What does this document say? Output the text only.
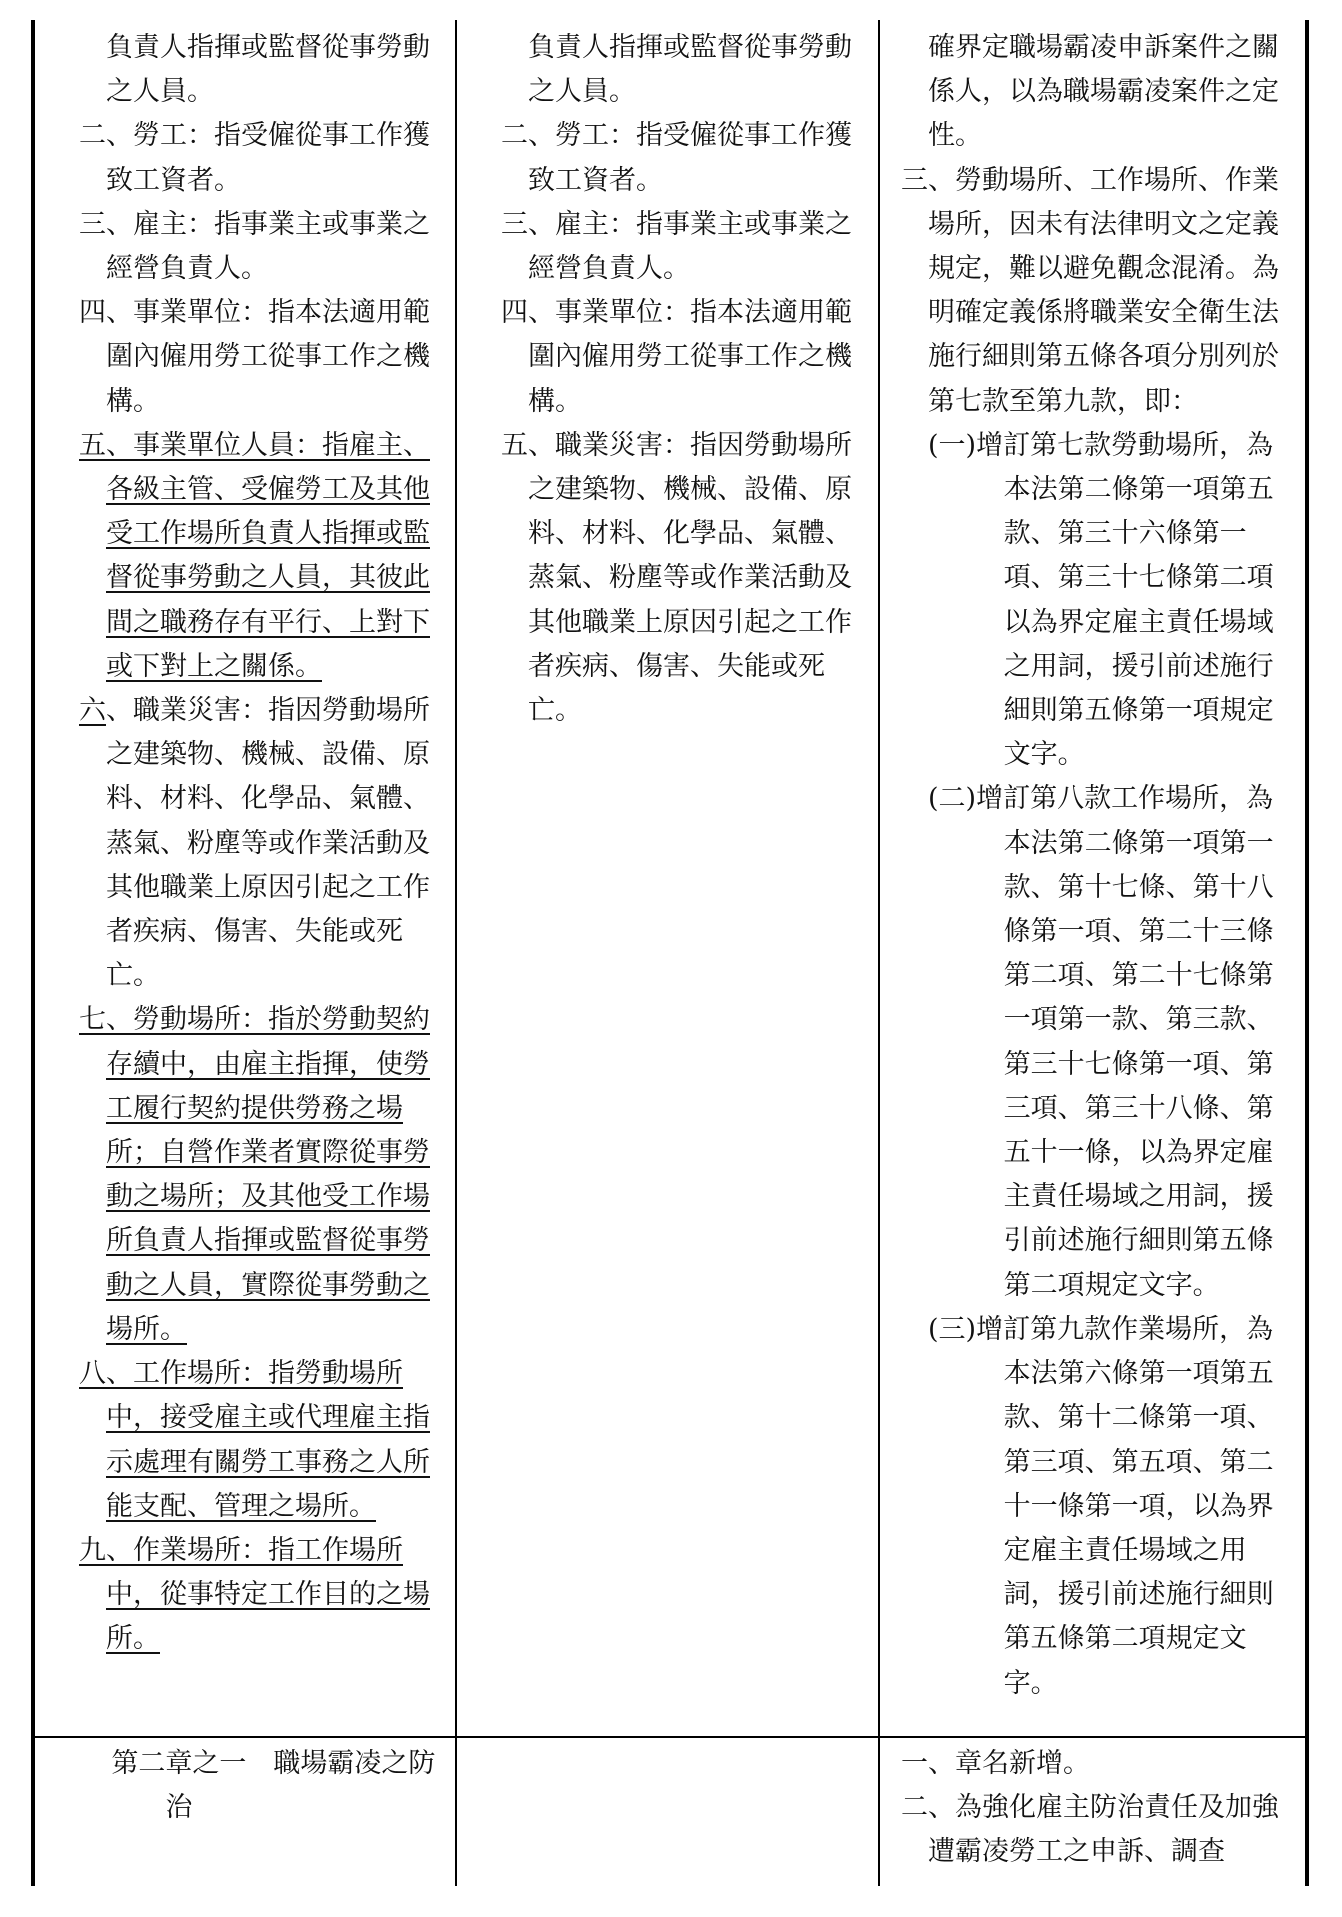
負責人指揮或監督從事勞動之人員。

二、勞工：指受僱從事工作獲致工資者。

三、雇主：指事業主或事業之經營負責人。

四、事業單位：指本法適用範圍內僱用勞工從事工作之機構。

五、事業單位人員：指雇主、各級主管、受僱勞工及其他受工作場所負責人指揮或監督從事勞動之人員，其彼此間之職務存有平行、上對下或下對上之關係。

六、職業災害：指因勞動場所之建築物、機械、設備、原料、材料、化學品、氣體、蒸氣、粉塵等或作業活動及其他職業上原因引起之工作者疾病、傷害、失能或死亡。

七、勞動場所：指於勞動契約存續中，由雇主指揮，使勞工履行契約提供勞務之場所；自營作業者實際從事勞動之場所；及其他受工作場所負責人指揮或監督從事勞動之人員，實際從事勞動之場所。

八、工作場所：指勞動場所中，接受雇主或代理雇主指示處理有關勞工事務之人所能支配、管理之場所。

九、作業場所：指工作場所中，從事特定工作目的之場所。

負責人指揮或監督從事勞動之人員。

二、勞工：指受僱從事工作獲致工資者。

三、雇主：指事業主或事業之經營負責人。

四、事業單位：指本法適用範圍內僱用勞工從事工作之機構。

五、職業災害：指因勞動場所之建築物、機械、設備、原料、材料、化學品、氣體、蒸氣、粉塵等或作業活動及其他職業上原因引起之工作者疾病、傷害、失能或死亡。

確界定職場霸凌申訴案件之關係人，以為職場霸凌案件之定性。

三、勞動場所、工作場所、作業場所，因未有法律明文之定義規定，難以避免觀念混淆。為明確定義係將職業安全衛生法施行細則第五條各項分別列於第七款至第九款，即：

(一)增訂第七款勞動場所，為本法第二條第一項第五款、第三十六條第一項、第三十七條第二項以為界定雇主責任場域之用詞，援引前述施行細則第五條第一項規定文字。

(二)增訂第八款工作場所，為本法第二條第一項第一款、第十七條、第十八條第一項、第二十三條第二項、第二十七條第一項第一款、第三款、第三十七條第一項、第三項、第三十八條、第五十一條，以為界定雇主責任場域之用詞，援引前述施行細則第五條第二項規定文字。

(三)增訂第九款作業場所，為本法第六條第一項第五款、第十二條第一項、第三項、第五項、第二十一條第一項，以為界定雇主責任場域之用詞，援引前述施行細則第五條第二項規定文字。

第二章之一　職場霸凌之防治

一、章名新增。

二、為強化雇主防治責任及加強遭霸凌勞工之申訴、調查
